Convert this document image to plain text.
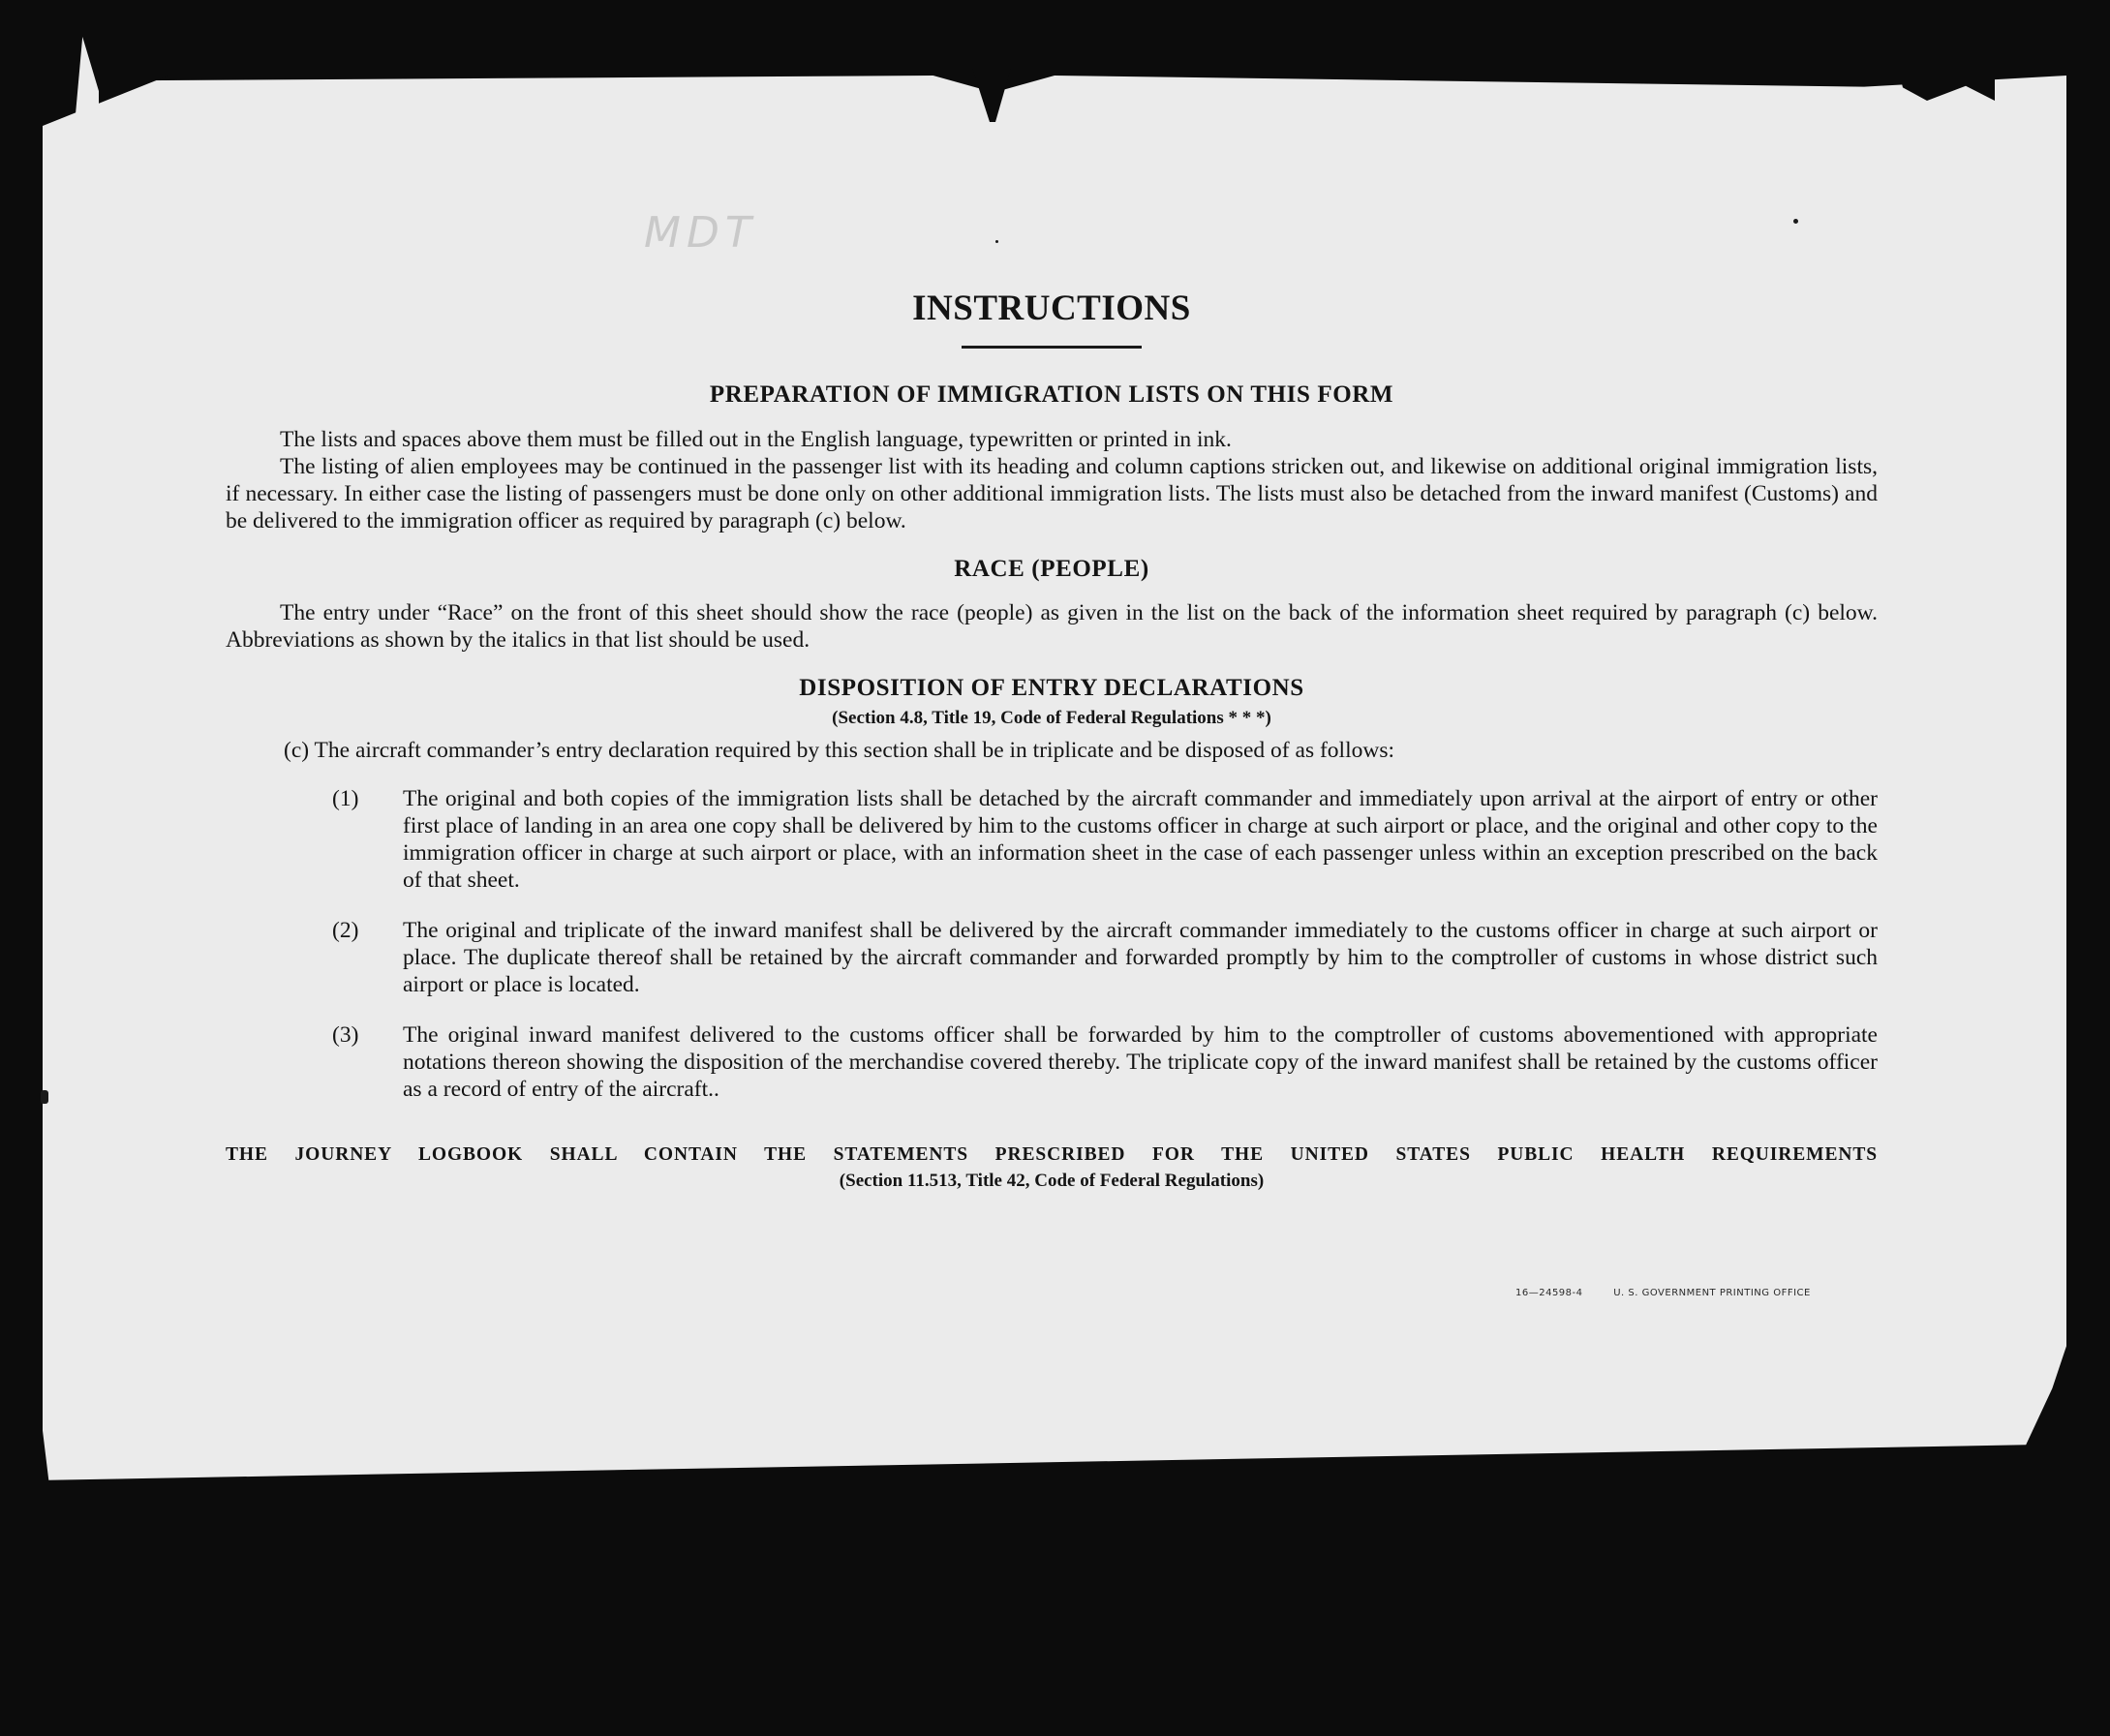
MDT
INSTRUCTIONS
PREPARATION OF IMMIGRATION LISTS ON THIS FORM

The lists and spaces above them must be filled out in the English language, typewritten or printed in ink.

The listing of alien employees may be continued in the passenger list with its heading and column captions stricken out, and likewise on additional original immigration lists, if necessary. In either case the listing of passengers must be done only on other additional immigration lists. The lists must also be detached from the inward manifest (Customs) and be delivered to the immigration officer as required by paragraph (c) below.

RACE (PEOPLE)

The entry under “Race” on the front of this sheet should show the race (people) as given in the list on the back of the information sheet required by paragraph (c) below. Abbreviations as shown by the italics in that list should be used.

DISPOSITION OF ENTRY DECLARATIONS

(Section 4.8, Title 19, Code of Federal Regulations * * *)

(c) The aircraft commander’s entry declaration required by this section shall be in triplicate and be disposed of as follows:

(1) The original and both copies of the immigration lists shall be detached by the aircraft commander and immediately upon arrival at the airport of entry or other first place of landing in an area one copy shall be delivered by him to the customs officer in charge at such airport or place, and the original and other copy to the immigration officer in charge at such airport or place, with an information sheet in the case of each passenger unless within an exception prescribed on the back of that sheet.
(2) The original and triplicate of the inward manifest shall be delivered by the aircraft commander immediately to the customs officer in charge at such airport or place. The duplicate thereof shall be retained by the aircraft commander and forwarded promptly by him to the comptroller of customs in whose district such airport or place is located.
(3) The original inward manifest delivered to the customs officer shall be forwarded by him to the comptroller of customs abovementioned with appropriate notations thereon showing the disposition of the merchandise covered thereby. The triplicate copy of the inward manifest shall be retained by the customs officer as a record of entry of the aircraft..

THE JOURNEY LOGBOOK SHALL CONTAIN THE STATEMENTS PRESCRIBED FOR THE UNITED STATES PUBLIC HEALTH REQUIREMENTS

(Section 11.513, Title 42, Code of Federal Regulations)

16—24598-4	U. S. GOVERNMENT PRINTING OFFICE
